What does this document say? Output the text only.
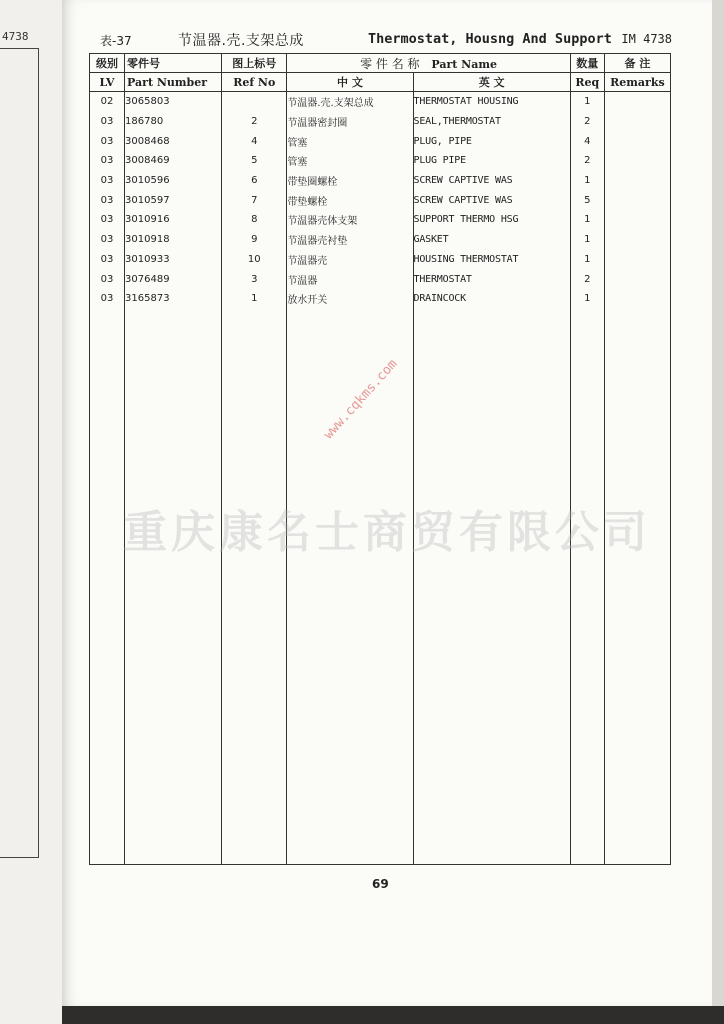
4738	表-37	节温器.壳.支架总成	Thermostat, Housng And Support IM 4738
级别	零件号	图上标号	零 件 名 称 Part Name		数量	备 注
LV	Part Number	Ref No	中 文	英 文	Req	Remarks
02	3065803		节温器.壳.支架总成	THERMOSTAT HOUSING	1	
03	186780	2	节温器密封圈	SEAL,THERMOSTAT	2	
03	3008468	4	管塞	PLUG, PIPE	4	
03	3008469	5	管塞	PLUG PIPE	2	
03	3010596	6	带垫圈螺栓	SCREW CAPTIVE WAS	1	
03	3010597	7	带垫螺栓	SCREW CAPTIVE WAS	5	
03	3010916	8	节温器壳体支架	SUPPORT THERMO HSG	1	
03	3010918	9	节温器壳衬垫	GASKET	1	
03	3010933	10	节温器壳	HOUSING THERMOSTAT	1	
03	3076489	3	节温器	THERMOSTAT	2	
03	3165873	1	放水开关	DRAINCOCK	1	

www.cqkms.com
重庆康名士商贸有限公司
69
